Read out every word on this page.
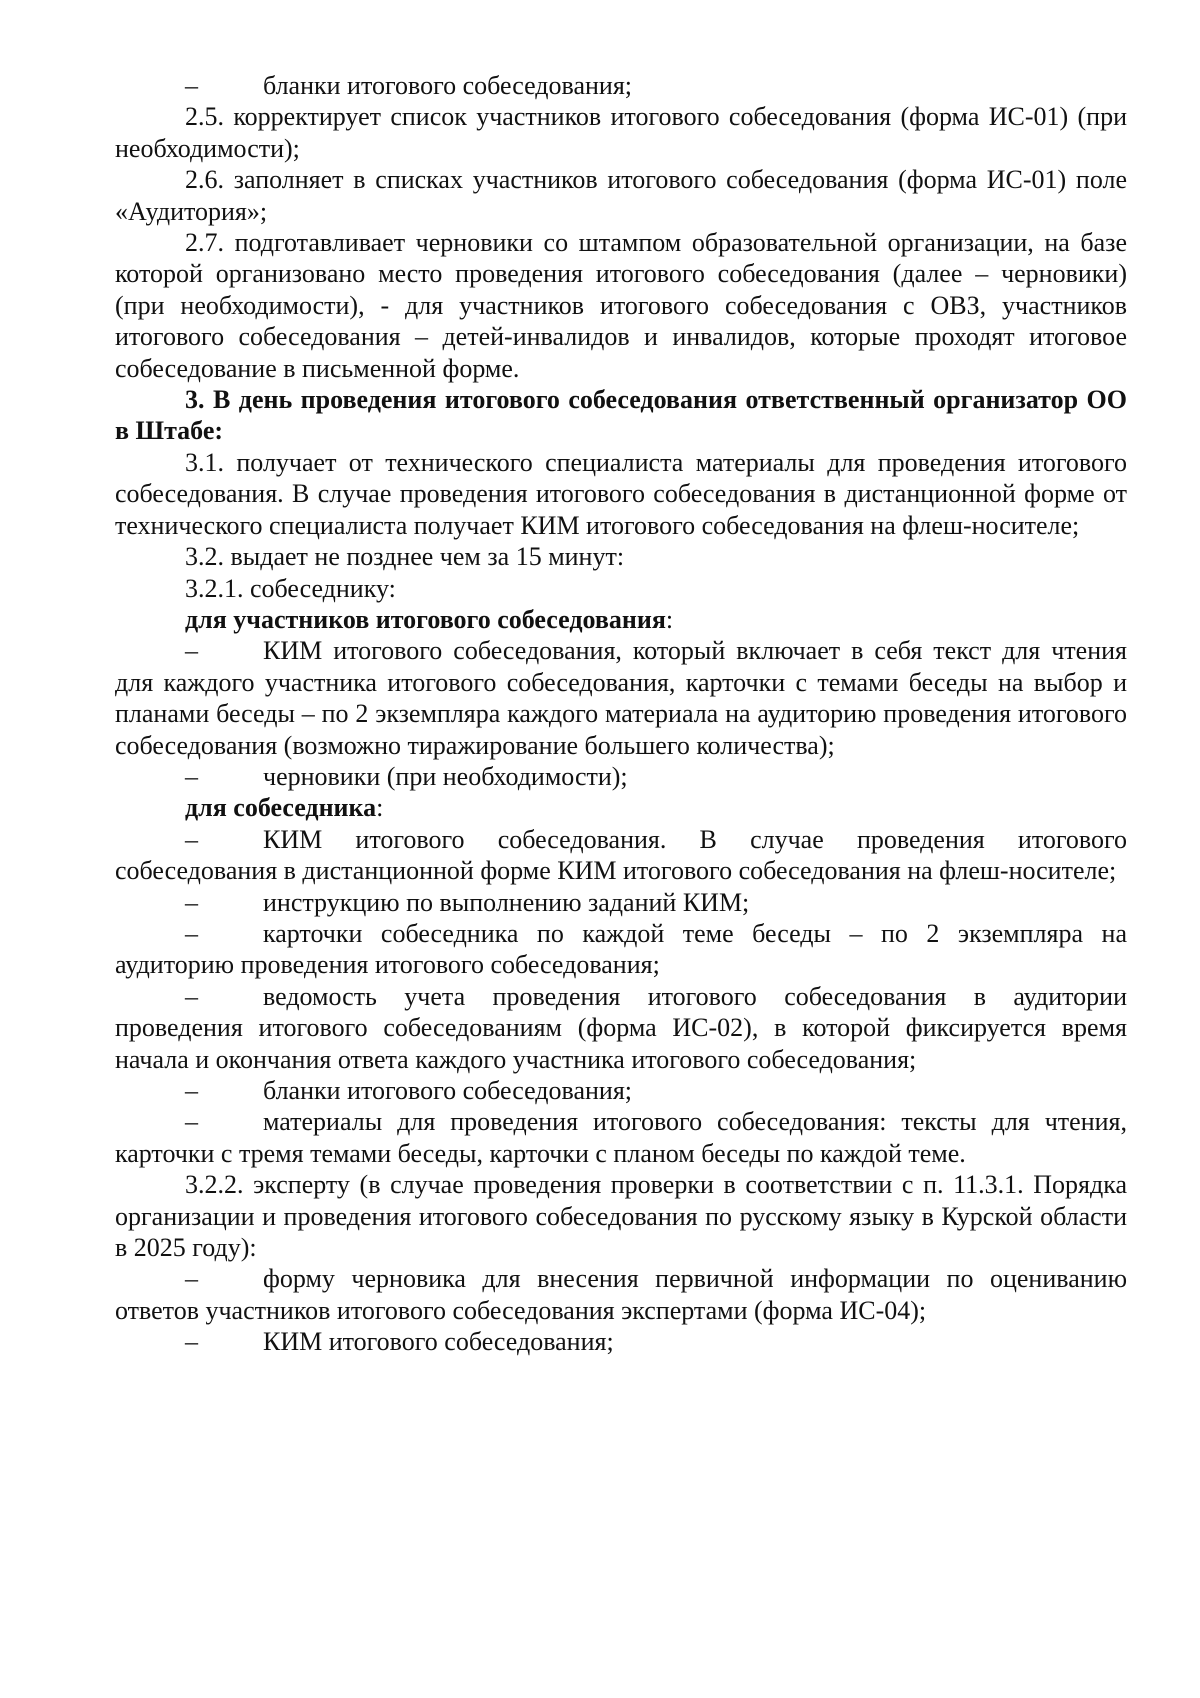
–	бланки итогового собеседования;

2.5. корректирует список участников итогового собеседования (форма ИС-01) (при необходимости);

2.6. заполняет в списках участников итогового собеседования (форма ИС-01) поле «Аудитория»;

2.7. подготавливает черновики со штампом образовательной организации, на базе которой организовано место проведения итогового собеседования (далее – черновики) (при необходимости), - для участников итогового собеседования с ОВЗ, участников итогового собеседования – детей-инвалидов и инвалидов, которые проходят итоговое собеседование в письменной форме.

3. В день проведения итогового собеседования ответственный организатор ОО в Штабе:

3.1. получает от технического специалиста материалы для проведения итогового собеседования. В случае проведения итогового собеседования в дистанционной форме от технического специалиста получает КИМ итогового собеседования на флеш-носителе;

3.2. выдает не позднее чем за 15 минут:

3.2.1. собеседнику:

для участников итогового собеседования:

–	КИМ итогового собеседования, который включает в себя текст для чтения для каждого участника итогового собеседования, карточки с темами беседы на выбор и планами беседы – по 2 экземпляра каждого материала на аудиторию проведения итогового собеседования (возможно тиражирование большего количества);

–	черновики (при необходимости);

для собеседника:

–	КИМ итогового собеседования. В случае проведения итогового собеседования в дистанционной форме КИМ итогового собеседования на флеш-носителе;

–	инструкцию по выполнению заданий КИМ;

–	карточки собеседника по каждой теме беседы – по 2 экземпляра на аудиторию проведения итогового собеседования;

–	ведомость учета проведения итогового собеседования в аудитории проведения итогового собеседованиям (форма ИС-02), в которой фиксируется время начала и окончания ответа каждого участника итогового собеседования;

–	бланки итогового собеседования;

–	материалы для проведения итогового собеседования: тексты для чтения, карточки с тремя темами беседы, карточки с планом беседы по каждой теме.

3.2.2. эксперту (в случае проведения проверки в соответствии с п. 11.3.1. Порядка организации и проведения итогового собеседования по русскому языку в Курской области в 2025 году):

–	форму черновика для внесения первичной информации по оцениванию ответов участников итогового собеседования экспертами (форма ИС-04);

–	КИМ итогового собеседования;
